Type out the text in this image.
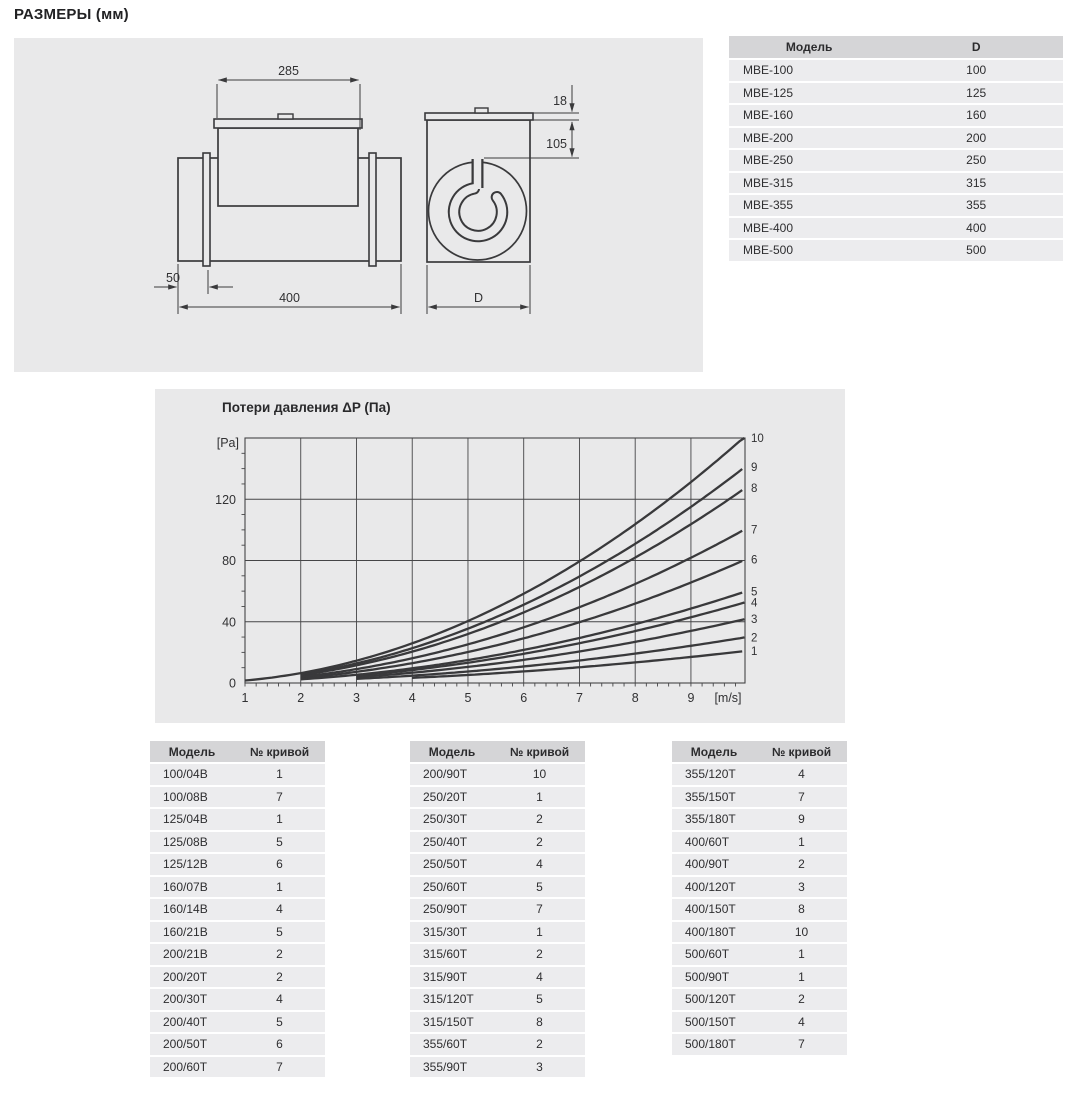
РАЗМЕРЫ (мм)
285
50
400
18
105
D
Модель	D
МВЕ-100	100
МВЕ-125	125
МВЕ-160	160
МВЕ-200	200
МВЕ-250	250
МВЕ-315	315
МВЕ-355	355
МВЕ-400	400
МВЕ-500	500
Потери давления ΔP (Па)
1	2	3	4	5	6	7	8	9
0
40
80
120
[m/s]
[Pa]
1
2
3
4
5
6
7
8
9
10
Модель	№ кривой
100/04В	1
100/08В	7
125/04В	1
125/08В	5
125/12В	6
160/07В	1
160/14В	4
160/21В	5
200/21В	2
200/20Т	2
200/30Т	4
200/40Т	5
200/50Т	6
200/60Т	7
Модель	№ кривой
200/90Т	10
250/20Т	1
250/30Т	2
250/40Т	2
250/50Т	4
250/60Т	5
250/90Т	7
315/30Т	1
315/60Т	2
315/90Т	4
315/120Т	5
315/150Т	8
355/60Т	2
355/90Т	3
Модель	№ кривой
355/120Т	4
355/150Т	7
355/180Т	9
400/60Т	1
400/90Т	2
400/120Т	3
400/150Т	8
400/180Т	10
500/60Т	1
500/90Т	1
500/120Т	2
500/150Т	4
500/180Т	7
